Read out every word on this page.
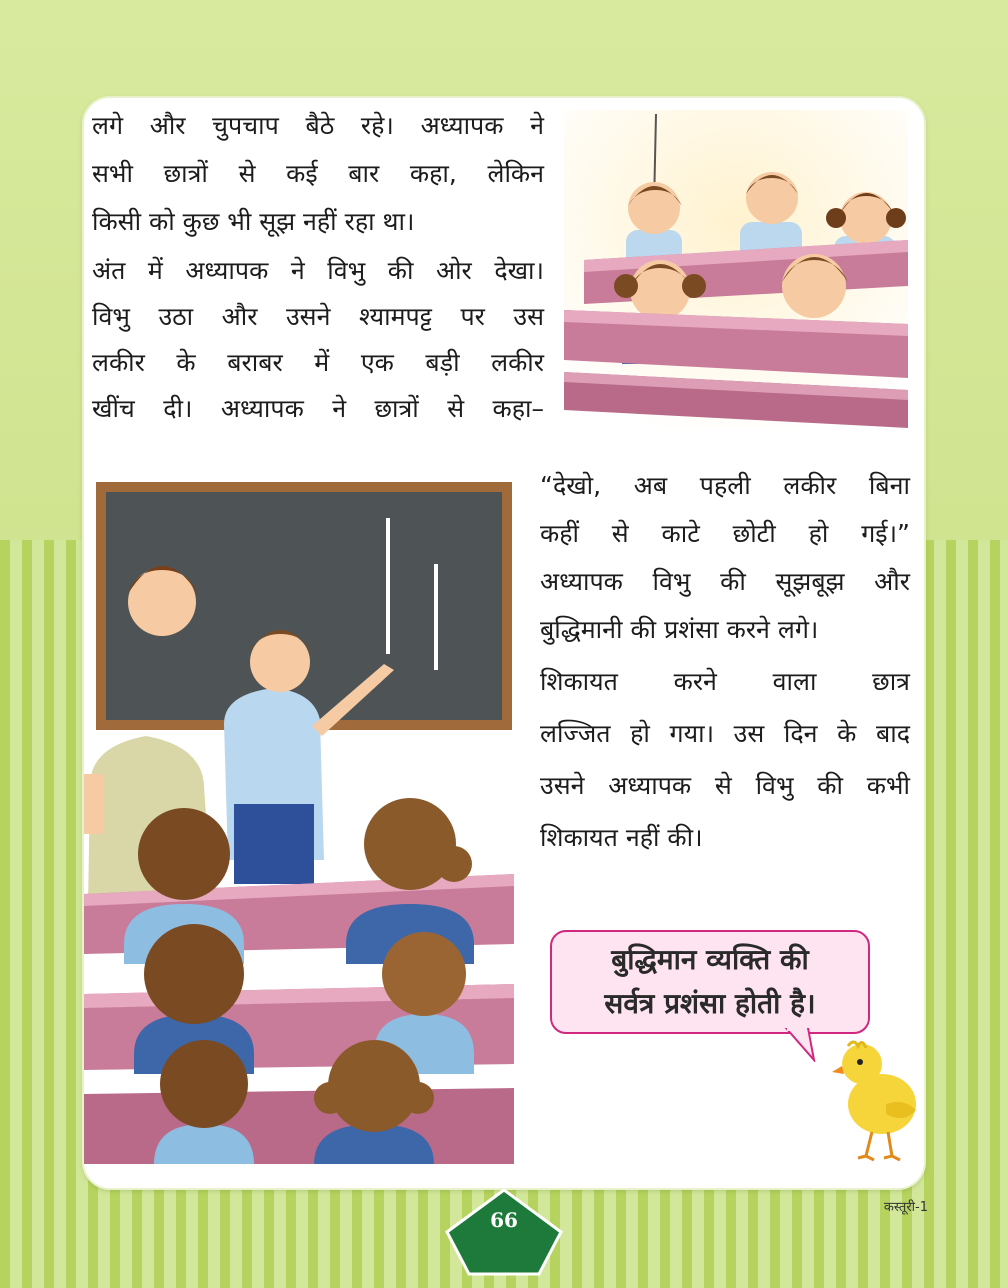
लगे और चुपचाप बैठे रहे। अध्यापक ने
सभी छात्रों से कई बार कहा, लेकिन
किसी को कुछ भी सूझ नहीं रहा था।
अंत में अध्यापक ने विभु की ओर देखा।
विभु उठा और उसने श्यामपट्ट पर उस
लकीर के बराबर में एक बड़ी लकीर
खींच दी। अध्यापक ने छात्रों से कहा–
“देखो, अब पहली लकीर बिना
कहीं से काटे छोटी हो गई।”
अध्यापक विभु की सूझबूझ और
बुद्धिमानी की प्रशंसा करने लगे।
शिकायत करने वाला छात्र
लज्जित हो गया। उस दिन के बाद
उसने अध्यापक से विभु की कभी
शिकायत नहीं की।
बुद्धिमान व्यक्ति की
सर्वत्र प्रशंसा होती है।
66
कस्तूरी-1
